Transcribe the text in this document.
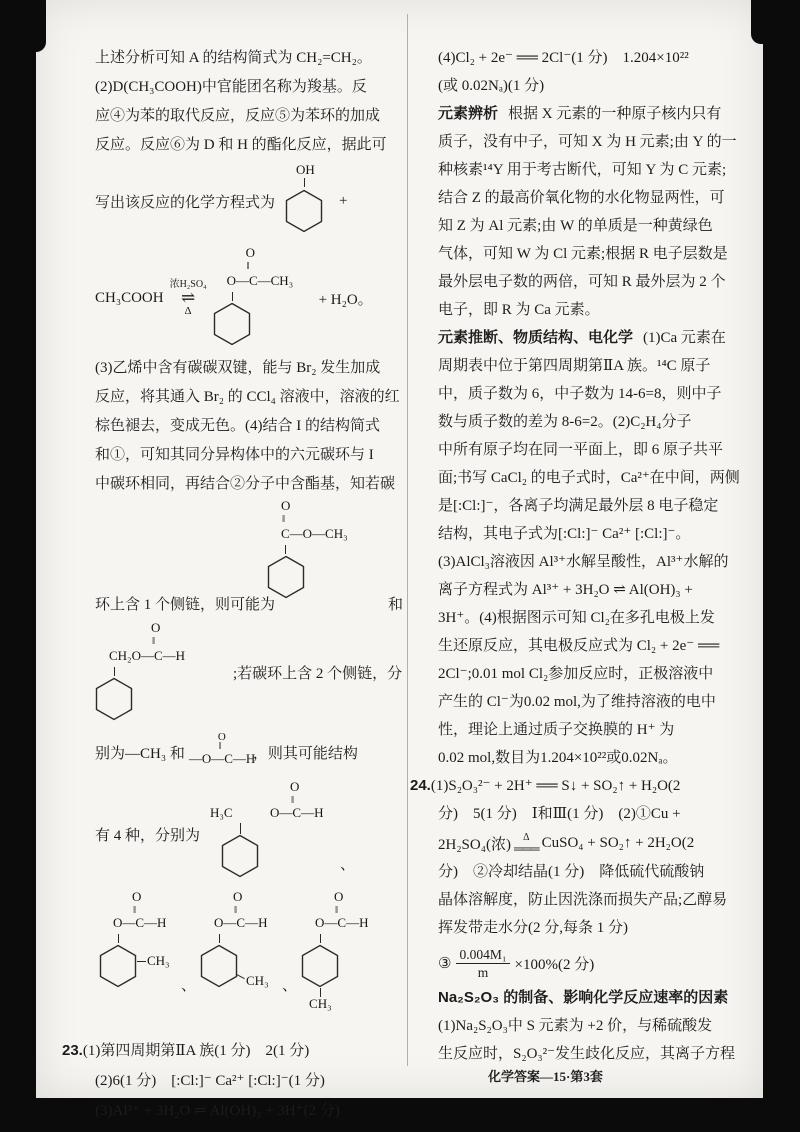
上述分析可知 A 的结构简式为 CH₂=CH₂。
(2)D(CH₃COOH)中官能团名称为羧基。反
应④为苯的取代反应，反应⑤为苯环的加成
反应。反应⑥为 D 和 H 的酯化反应，据此可
写出该反应的化学方程式为
OH
+
CH₃COOH
浓H₂SO₄
⇌
Δ
O
‖
O—C—CH₃
+ H₂O。
(3)乙烯中含有碳碳双键，能与 Br₂ 发生加成
反应，将其通入 Br₂ 的 CCl₄ 溶液中，溶液的红
棕色褪去，变成无色。(4)结合 I 的结构简式
和①，可知其同分异构体中的六元碳环与 I
中碳环相同，再结合②分子中含酯基，知若碳
O
‖
C—O—CH₃
环上含 1 个侧链，则可能为	和
O
‖
CH₂O—C—H
;若碳环上含 2 个侧链，分
别为—CH₃ 和
O
‖
—O—C—H
，则其可能结构
有 4 种，分别为
H₃C
O
‖
O—C—H
、
O
‖
O—C—H
CH₃
、
O
‖
O—C—H
CH₃ 、
O
‖
O—C—H
CH₃
23.(1)第四周期第ⅡA 族(1 分)　2(1 分)
(2)6(1 分)　[:Cl:]⁻ Ca²⁺ [:Cl:]⁻(1 分)
(3)Al³⁺ + 3H₂O ⇌ Al(OH)₃ + 3H⁺(2 分)
(4)Cl₂ + 2e⁻ ══ 2Cl⁻(1 分)　1.204×10²²
(或 0.02Nₐ)(1 分)
元素辨析 根据 X 元素的一种原子核内只有
质子，没有中子，可知 X 为 H 元素;由 Y 的一
种核素¹⁴Y 用于考古断代，可知 Y 为 C 元素;
结合 Z 的最高价氧化物的水化物显两性，可
知 Z 为 Al 元素;由 W 的单质是一种黄绿色
气体，可知 W 为 Cl 元素;根据 R 电子层数是
最外层电子数的两倍，可知 R 最外层为 2 个
电子，即 R 为 Ca 元素。
元素推断、物质结构、电化学 (1)Ca 元素在
周期表中位于第四周期第ⅡA 族。¹⁴C 原子
中，质子数为 6，中子数为 14-6=8，则中子
数与质子数的差为 8-6=2。(2)C₂H₄分子
中所有原子均在同一平面上，即 6 原子共平
面;书写 CaCl₂ 的电子式时，Ca²⁺在中间，两侧
是[:Cl:]⁻，各离子均满足最外层 8 电子稳定
结构，其电子式为[:Cl:]⁻ Ca²⁺ [:Cl:]⁻。
(3)AlCl₃溶液因 Al³⁺水解呈酸性，Al³⁺水解的
离子方程式为 Al³⁺ + 3H₂O ⇌ Al(OH)₃ +
3H⁺。(4)根据图示可知 Cl₂在多孔电极上发
生还原反应，其电极反应式为 Cl₂ + 2e⁻ ══
2Cl⁻;0.01 mol Cl₂参加反应时，正极溶液中
产生的 Cl⁻为0.02 mol,为了维持溶液的电中
性，理论上通过质子交换膜的 H⁺ 为
0.02 mol,数目为1.204×10²²或0.02Nₐ。
24.(1)S₂O₃²⁻ + 2H⁺ ══ S↓ + SO₂↑ + H₂O(2
分)　5(1 分)　Ⅰ和Ⅲ(1 分)　(2)①Cu +
2H₂SO₄(浓) Δ
═══ CuSO₄ + SO₂↑ + 2H₂O(2
分)　②冷却结晶(1 分)　降低硫代硫酸钠
晶体溶解度，防止因洗涤而损失产品;乙醇易
挥发带走水分(2 分,每条 1 分)
③ $\frac{\text{0.004M₁}}{m} \times 100\%(2$ 分)
Na₂S₂O₃ 的制备、影响化学反应速率的因素
(1)Na₂S₂O₃中 S 元素为 +2 价，与稀硫酸发
生反应时，S₂O₃²⁻发生歧化反应，其离子方程
化学答案—15·第3套
